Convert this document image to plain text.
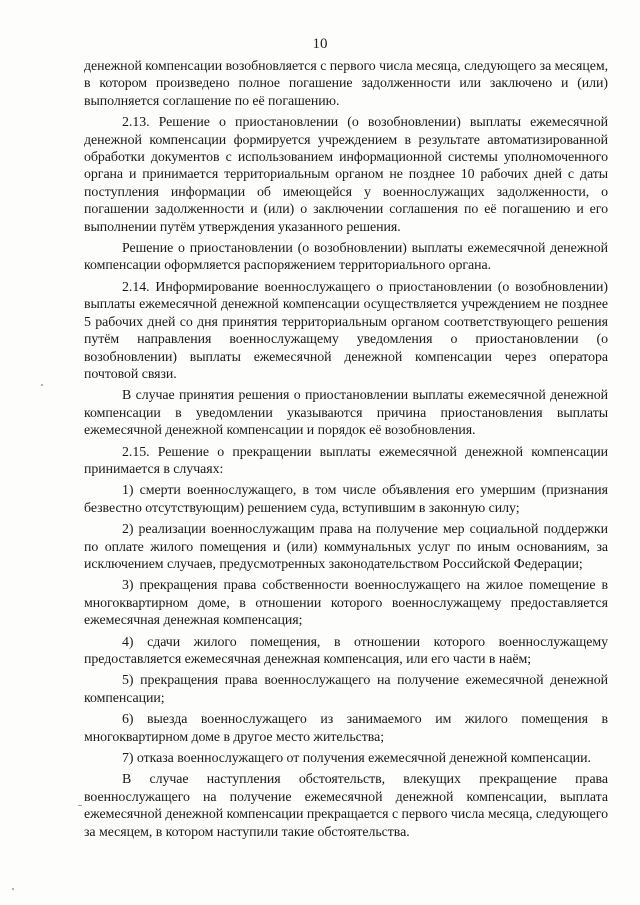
10

денежной компенсации возобновляется с первого числа месяца, следующего за месяцем, в котором произведено полное погашение задолженности или заключено и (или) выполняется соглашение по её погашению.

2.13. Решение о приостановлении (о возобновлении) выплаты ежемесячной денежной компенсации формируется учреждением в результате автоматизированной обработки документов с использованием информационной системы уполномоченного органа и принимается территориальным органом не позднее 10 рабочих дней с даты поступления информации об имеющейся у военнослужащих задолженности, о погашении задолженности и (или) о заключении соглашения по её погашению и его выполнении путём утверждения указанного решения.

Решение о приостановлении (о возобновлении) выплаты ежемесячной денежной компенсации оформляется распоряжением территориального органа.

2.14. Информирование военнослужащего о приостановлении (о возобновлении) выплаты ежемесячной денежной компенсации осуществляется учреждением не позднее 5 рабочих дней со дня принятия территориальным органом соответствующего решения путём направления военнослужащему уведомления о приостановлении (о возобновлении) выплаты ежемесячной денежной компенсации через оператора почтовой связи.

В случае принятия решения о приостановлении выплаты ежемесячной денежной компенсации в уведомлении указываются причина приостановления выплаты ежемесячной денежной компенсации и порядок её возобновления.

2.15. Решение о прекращении выплаты ежемесячной денежной компенсации принимается в случаях:

1) смерти военнослужащего, в том числе объявления его умершим (признания безвестно отсутствующим) решением суда, вступившим в законную силу;

2) реализации военнослужащим права на получение мер социальной поддержки по оплате жилого помещения и (или) коммунальных услуг по иным основаниям, за исключением случаев, предусмотренных законодательством Российской Федерации;

3) прекращения права собственности военнослужащего на жилое помещение в многоквартирном доме, в отношении которого военнослужащему предоставляется ежемесячная денежная компенсация;

4) сдачи жилого помещения, в отношении которого военнослужащему предоставляется ежемесячная денежная компенсация, или его части в наём;

5) прекращения права военнослужащего на получение ежемесячной денежной компенсации;

6) выезда военнослужащего из занимаемого им жилого помещения в многоквартирном доме в другое место жительства;

7) отказа военнослужащего от получения ежемесячной денежной компенсации.

В случае наступления обстоятельств, влекущих прекращение права военнослужащего на получение ежемесячной денежной компенсации, выплата ежемесячной денежной компенсации прекращается с первого числа месяца, следующего за месяцем, в котором наступили такие обстоятельства.
